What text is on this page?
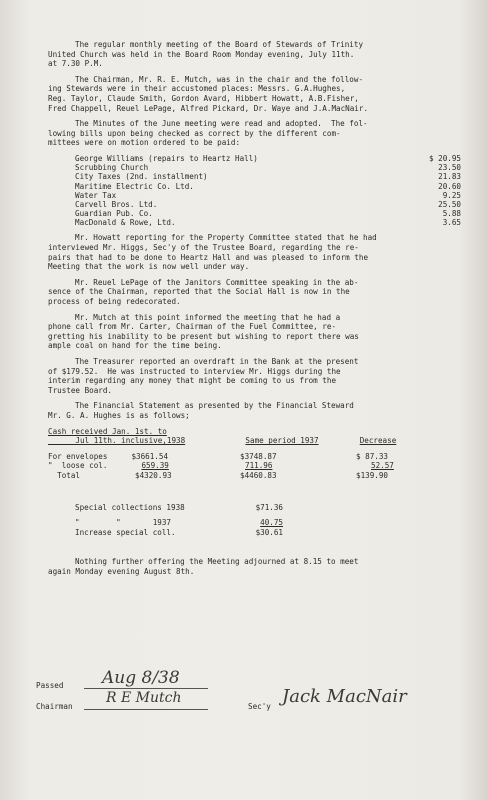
The regular monthly meeting of the Board of Stewards of Trinity
United Church was held in the Board Room Monday evening, July 11th.
at 7.30 P.M.

The Chairman, Mr. R. E. Mutch, was in the chair and the follow-
ing Stewards were in their accustomed places: Messrs. G.A.Hughes,
Reg. Taylor, Claude Smith, Gordon Avard, Hibbert Howatt, A.B.Fisher,
Fred Chappell, Reuel LePage, Alfred Pickard, Dr. Waye and J.A.MacNair.

The Minutes of the June meeting were read and adopted.  The fol-
lowing bills upon being checked as correct by the different com-
mittees were on motion ordered to be paid:

George Williams (repairs to Heartz Hall)	$ 20.95
Scrubbing Church	23.50
City Taxes (2nd. installment)	21.83
Maritime Electric Co. Ltd.	20.60
Water Tax	9.25
Carvell Bros. Ltd.	25.50
Guardian Pub. Co.	5.88
MacDonald & Rowe, Ltd.	3.65

Mr. Howatt reporting for the Property Committee stated that he had
interviewed Mr. Higgs, Sec'y of the Trustee Board, regarding the re-
pairs that had to be done to Heartz Hall and was pleased to inform the
Meeting that the work is now well under way.

Mr. Reuel LePage of the Janitors Committee speaking in the ab-
sence of the Chairman, reported that the Social Hall is now in the
process of being redecorated.

Mr. Mutch at this point informed the meeting that he had a
phone call from Mr. Carter, Chairman of the Fuel Committee, re-
gretting his inability to be present but wishing to report there was
ample coal on hand for the time being.

The Treasurer reported an overdraft in the Bank at the present
of $179.52.  He was instructed to interview Mr. Higgs during the
interim regarding any money that might be coming to us from the
Trustee Board.

The Financial Statement as presented by the Financial Steward
Mr. G. A. Hughes is as follows;

Cash received Jan. 1st. to
Jul 11th. inclusive,1938	Same period 1937	Decrease

For envelopes $3661.54	$3748.87	$ 87.33
"  loose col. 659.39	711.96	52.57
Total $4320.93	$4460.83	$139.90
Special collections 1938	$71.36
"        "       1937	40.75
Increase special coll.	$30.61

Nothing further offering the Meeting adjourned at 8.15 to meet
again Monday evening August 8th.

Passed Aug 8/38
Chairman
R E Mutch
Sec'y Jack MacNair
